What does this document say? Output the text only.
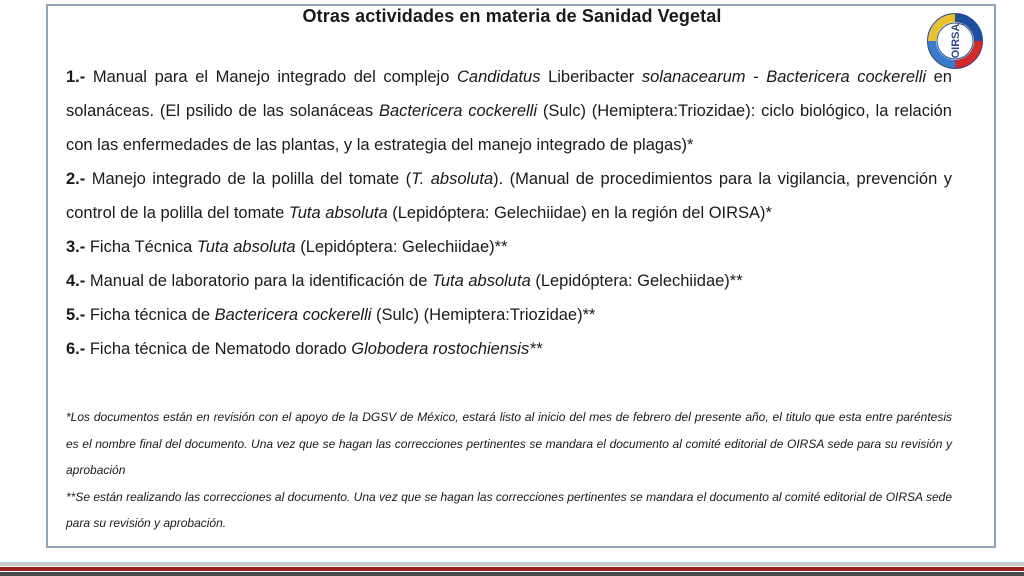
Otras actividades en materia de Sanidad Vegetal
OIRSA
1.- Manual para el Manejo integrado del complejo Candidatus Liberibacter solanacearum - Bactericera cockerelli en solanáceas. (El psilido de las solanáceas Bactericera cockerelli (Sulc) (Hemiptera:Triozidae): ciclo biológico, la relación con las enfermedades de las plantas, y la estrategia del manejo integrado de plagas)*
2.- Manejo integrado de la polilla del tomate (T. absoluta). (Manual de procedimientos para la vigilancia, prevención y control de la polilla del tomate Tuta absoluta (Lepidóptera: Gelechiidae) en la región del OIRSA)*
3.- Ficha Técnica Tuta absoluta (Lepidóptera: Gelechiidae)**
4.- Manual de laboratorio para la identificación de Tuta absoluta (Lepidóptera: Gelechiidae)**
5.- Ficha técnica de Bactericera cockerelli (Sulc) (Hemiptera:Triozidae)**
6.- Ficha técnica de Nematodo dorado Globodera rostochiensis**
*Los documentos están en revisión con el apoyo de la DGSV de México, estará listo al inicio del mes de febrero del presente año, el titulo que esta entre paréntesis es el nombre final del documento. Una vez que se hagan las correcciones pertinentes se mandara el documento al comité editorial de OIRSA sede para su revisión y aprobación
**Se están realizando las correcciones al documento. Una vez que se hagan las correcciones pertinentes se mandara el documento al comité editorial de OIRSA sede para su revisión y aprobación.
